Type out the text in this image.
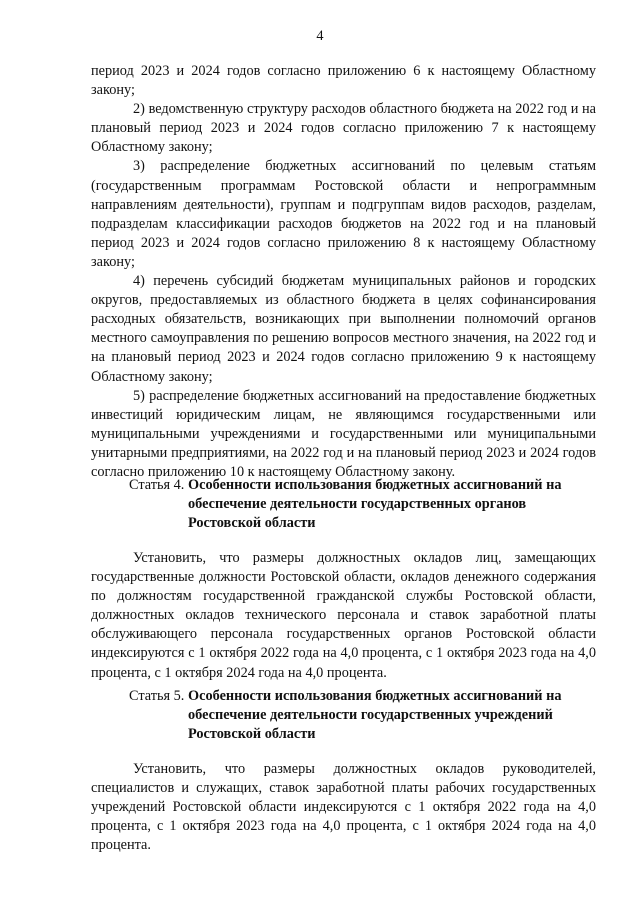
4

период 2023 и 2024 годов согласно приложению 6 к настоящему Областному закону;

2) ведомственную структуру расходов областного бюджета на 2022 год и на плановый период 2023 и 2024 годов согласно приложению 7 к настоящему Областному закону;

3) распределение бюджетных ассигнований по целевым статьям (государственным программам Ростовской области и непрограммным направлениям деятельности), группам и подгруппам видов расходов, разделам, подразделам классификации расходов бюджетов на 2022 год и на плановый период 2023 и 2024 годов согласно приложению 8 к настоящему Областному закону;

4) перечень субсидий бюджетам муниципальных районов и городских округов, предоставляемых из областного бюджета в целях софинансирования расходных обязательств, возникающих при выполнении полномочий органов местного самоуправления по решению вопросов местного значения, на 2022 год и на плановый период 2023 и 2024 годов согласно приложению 9 к настоящему Областному закону;

5) распределение бюджетных ассигнований на предоставление бюджетных инвестиций юридическим лицам, не являющимся государственными или муниципальными учреждениями и государственными или муниципальными унитарными предприятиями, на 2022 год и на плановый период 2023 и 2024 годов согласно приложению 10 к настоящему Областному закону.

Статья 4. Особенности использования бюджетных ассигнований на обеспечение деятельности государственных органов Ростовской области

Установить, что размеры должностных окладов лиц, замещающих государственные должности Ростовской области, окладов денежного содержания по должностям государственной гражданской службы Ростовской области, должностных окладов технического персонала и ставок заработной платы обслуживающего персонала государственных органов Ростовской области индексируются с 1 октября 2022 года на 4,0 процента, с 1 октября 2023 года на 4,0 процента, с 1 октября 2024 года на 4,0 процента.

Статья 5. Особенности использования бюджетных ассигнований на обеспечение деятельности государственных учреждений Ростовской области

Установить, что размеры должностных окладов руководителей, специалистов и служащих, ставок заработной платы рабочих государственных учреждений Ростовской области индексируются с 1 октября 2022 года на 4,0 процента, с 1 октября 2023 года на 4,0 процента, с 1 октября 2024 года на 4,0 процента.
